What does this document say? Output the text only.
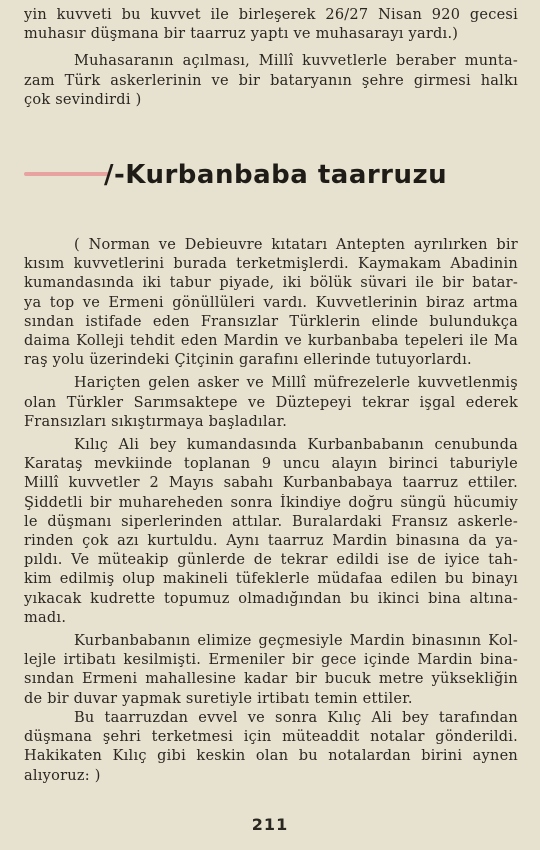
yin kuvveti bu kuvvet ile birleşerek 26/27 Nisan 920 gecesi
muhasır düşmana bir taarruz yaptı ve muhasarayı yardı.)
Muhasaranın açılması, Millî kuvvetlerle beraber munta-
zam Türk askerlerinin ve bir bataryanın şehre girmesi halkı
çok sevindirdi )
/-Kurbanbaba taarruzu
( Norman ve Debieuvre kıtatarı Antepten ayrılırken bir
kısım kuvvetlerini burada terketmişlerdi. Kaymakam Abadinin
kumandasında iki tabur piyade, iki bölük süvari ile bir batar-
ya top ve Ermeni gönüllüleri vardı. Kuvvetlerinin biraz artma
sından istifade eden Fransızlar Türklerin elinde bulundukça
daima Kolleji tehdit eden Mardin ve kurbanbaba tepeleri ile Ma
raş yolu üzerindeki Çitçinin garafını ellerinde tutuyorlardı.
Hariçten gelen asker ve Millî müfrezelerle kuvvetlenmiş
olan Türkler Sarımsaktepe ve Düztepeyi tekrar işgal ederek
Fransızları sıkıştırmaya başladılar.
Kılıç Ali bey kumandasında Kurbanbabanın cenubunda
Karataş mevkiinde toplanan 9 uncu alayın birinci taburiyle
Millî kuvvetler 2 Mayıs sabahı Kurbanbabaya taarruz ettiler.
Şiddetli bir muhareheden sonra İkindiye doğru süngü hücumiy
le düşmanı siperlerinden attılar. Buralardaki Fransız askerle-
rinden çok azı kurtuldu. Aynı taarruz Mardin binasına da ya-
pıldı. Ve müteakip günlerde de tekrar edildi ise de iyice tah-
kim edilmiş olup makineli tüfeklerle müdafaa edilen bu binayı
yıkacak kudrette topumuz olmadığından bu ikinci bina altına-
madı.
Kurbanbabanın elimize geçmesiyle Mardin binasının Kol-
lejle irtibatı kesilmişti. Ermeniler bir gece içinde Mardin bina-
sından Ermeni mahallesine kadar bir bucuk metre yüksekliğin
de bir duvar yapmak suretiyle irtibatı temin ettiler.
Bu taarruzdan evvel ve sonra Kılıç Ali bey tarafından
düşmana şehri terketmesi için müteaddit notalar gönderildi.
Hakikaten Kılıç gibi keskin olan bu notalardan birini aynen
alıyoruz: )
211
